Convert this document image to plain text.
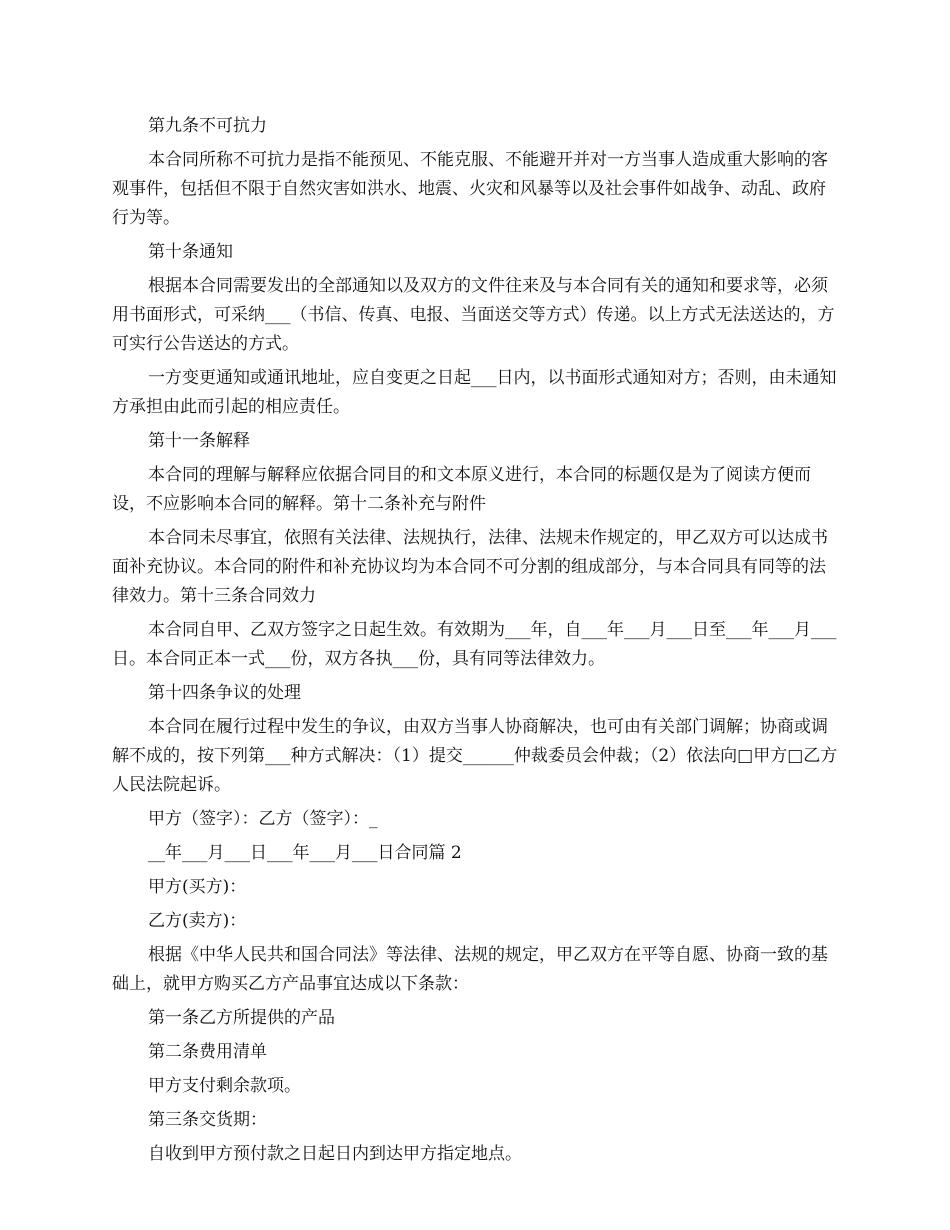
第九条不可抗力

本合同所称不可抗力是指不能预见、不能克服、不能避开并对一方当事人造成重大影响的客观事件，包括但不限于自然灾害如洪水、地震、火灾和风暴等以及社会事件如战争、动乱、政府行为等。

第十条通知

根据本合同需要发出的全部通知以及双方的文件往来及与本合同有关的通知和要求等，必须用书面形式，可采纳___（书信、传真、电报、当面送交等方式）传递。以上方式无法送达的，方可实行公告送达的方式。

一方变更通知或通讯地址，应自变更之日起___日内，以书面形式通知对方；否则，由未通知方承担由此而引起的相应责任。

第十一条解释

本合同的理解与解释应依据合同目的和文本原义进行，本合同的标题仅是为了阅读方便而设，不应影响本合同的解释。第十二条补充与附件

本合同未尽事宜，依照有关法律、法规执行，法律、法规未作规定的，甲乙双方可以达成书面补充协议。本合同的附件和补充协议均为本合同不可分割的组成部分，与本合同具有同等的法律效力。第十三条合同效力

本合同自甲、乙双方签字之日起生效。有效期为___年，自___年___月___日至___年___月___日。本合同正本一式___份，双方各执___份，具有同等法律效力。

第十四条争议的处理

本合同在履行过程中发生的争议，由双方当事人协商解决，也可由有关部门调解；协商或调解不成的，按下列第___种方式解决：（1）提交______仲裁委员会仲裁；（2）依法向□甲方□乙方人民法院起诉。

甲方（签字）：乙方（签字）：_

__年___月___日___年___月___日合同篇 2

甲方(买方)：

乙方(卖方)：

根据《中华人民共和国合同法》等法律、法规的规定，甲乙双方在平等自愿、协商一致的基础上，就甲方购买乙方产品事宜达成以下条款：

第一条乙方所提供的产品

第二条费用清单

甲方支付剩余款项。

第三条交货期：

自收到甲方预付款之日起日内到达甲方指定地点。
